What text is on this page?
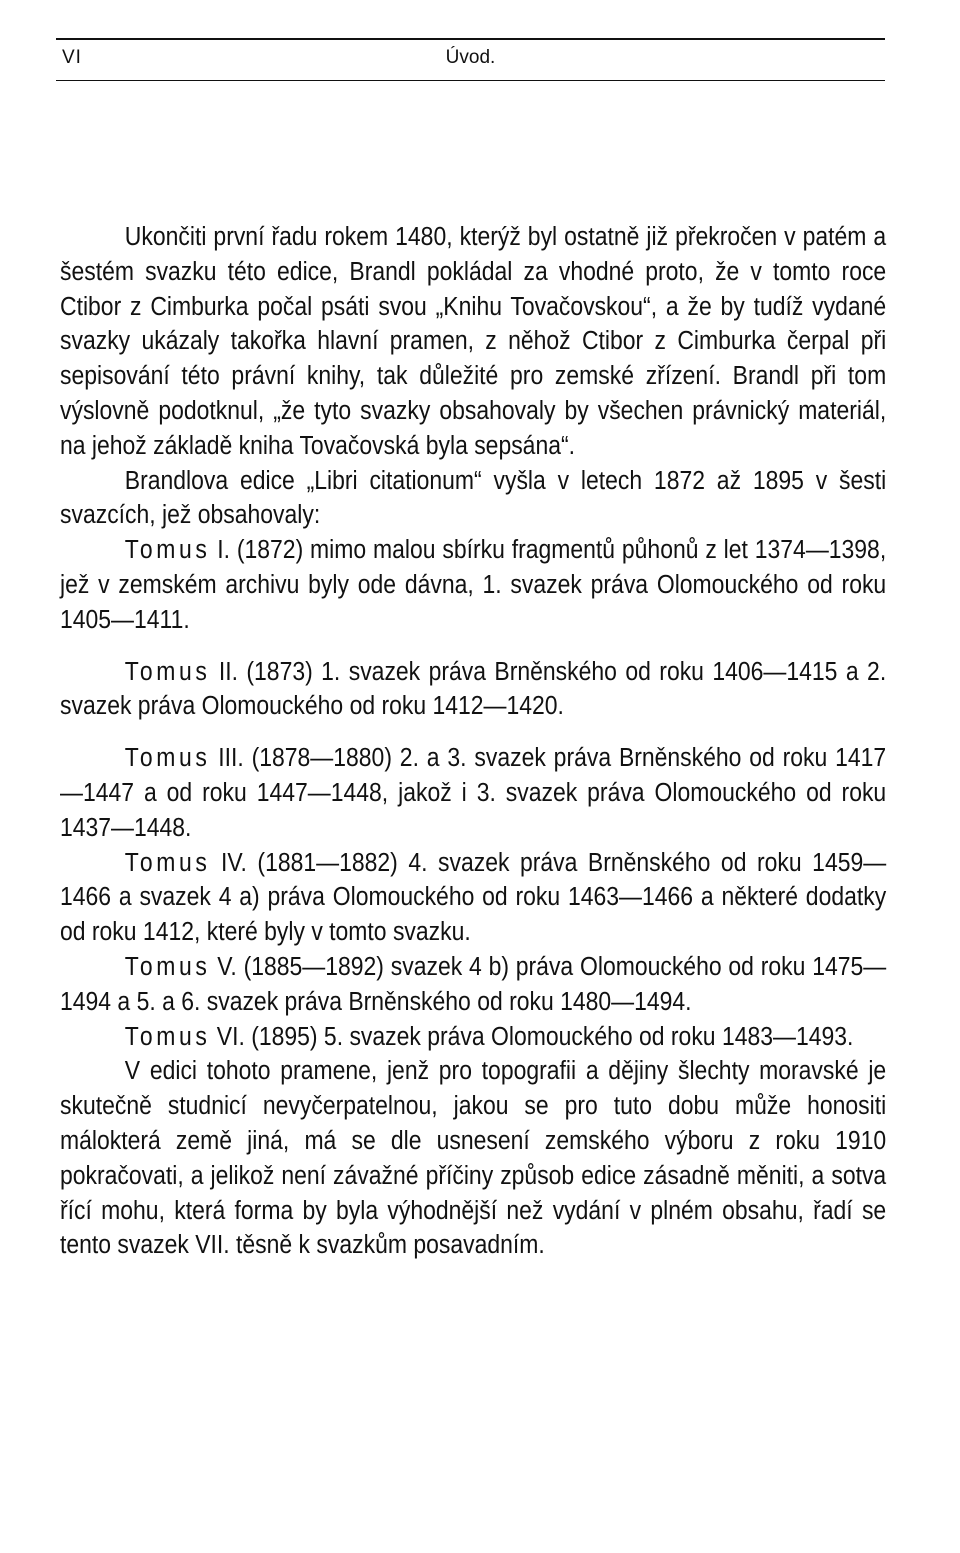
VI	Úvod.

Ukončiti první řadu rokem 1480, kterýž byl ostatně již překročen v patém a šestém svazku této edice, Brandl pokládal za vhodné proto, že v tomto roce Ctibor z Cimburka počal psáti svou „Knihu Tovačovskou“, a že by tudíž vydané svazky ukázaly takořka hlavní pramen, z něhož Ctibor z Cimburka čerpal při sepisování této právní knihy, tak důležité pro zemské zřízení. Brandl při tom výslovně podotknul, „že tyto svazky obsahovaly by všechen právnický materiál, na jehož základě kniha Tovačovská byla sepsána“.

Brandlova edice „Libri citationum“ vyšla v letech 1872 až 1895 v šesti svazcích, jež obsahovaly:

Tomus I. (1872) mimo malou sbírku fragmentů půhonů z let 1374—1398, jež v zemském archivu byly ode dávna, 1. svazek práva Olomouckého od roku 1405—1411.

Tomus II. (1873) 1. svazek práva Brněnského od roku 1406—1415 a 2. svazek práva Olomouckého od roku 1412—1420.

Tomus III. (1878—1880) 2. a 3. svazek práva Brněnského od roku 1417—1447 a od roku 1447—1448, jakož i 3. svazek práva Olomouckého od roku 1437—1448.

Tomus IV. (1881—1882) 4. svazek práva Brněnského od roku 1459—1466 a svazek 4 a) práva Olomouckého od roku 1463—1466 a některé dodatky od roku 1412, které byly v tomto svazku.

Tomus V. (1885—1892) svazek 4 b) práva Olomouckého od roku 1475—1494 a 5. a 6. svazek práva Brněnského od roku 1480—1494.

Tomus VI. (1895) 5. svazek práva Olomouckého od roku 1483—1493.

V edici tohoto pramene, jenž pro topografii a dějiny šlechty moravské je skutečně studnicí nevyčerpatelnou, jakou se pro tuto dobu může honositi málokterá země jiná, má se dle usnesení zemského výboru z roku 1910 pokračovati, a jelikož není závažné příčiny způsob edice zásadně měniti, a sotva řící mohu, která forma by byla výhodnější než vydání v plném obsahu, řadí se tento svazek VII. těsně k svazkům posavadním.
